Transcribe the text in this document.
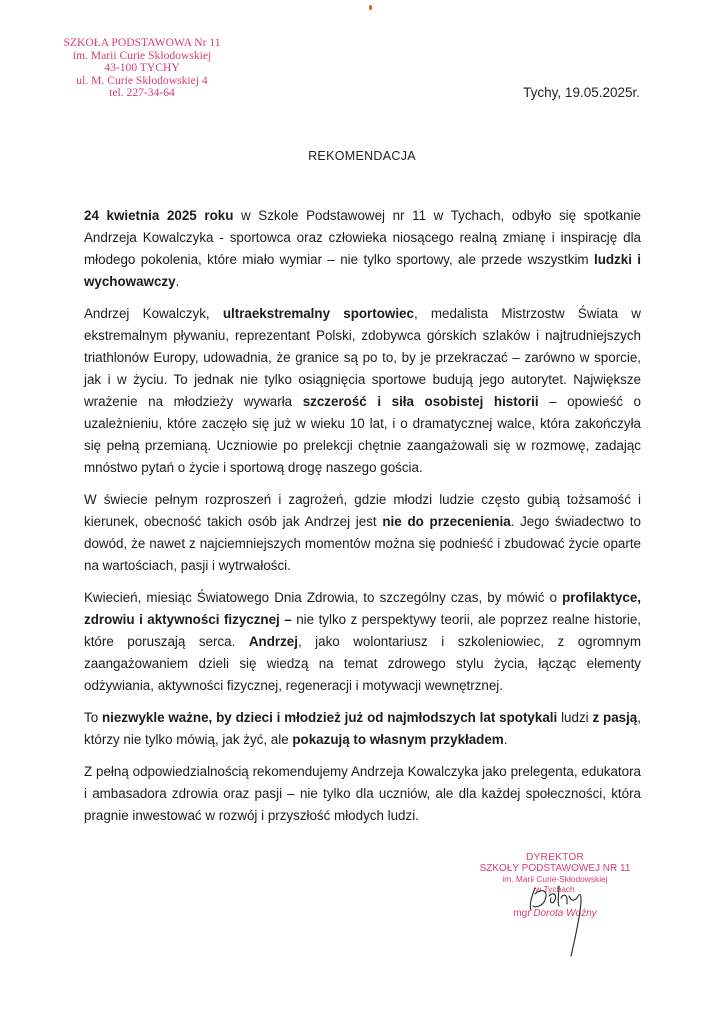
SZKOŁA PODSTAWOWA Nr 11
im. Marii Curie Skłodowskiej
43-100 TYCHY
ul. M. Curie Skłodowskiej 4
tel. 227-34-64	Tychy, 19.05.2025r.
REKOMENDACJA

24 kwietnia 2025 roku w Szkole Podstawowej nr 11 w Tychach, odbyło się spotkanie Andrzeja Kowalczyka - sportowca oraz człowieka niosącego realną zmianę i inspirację dla młodego pokolenia, które miało wymiar – nie tylko sportowy, ale przede wszystkim ludzki i wychowawczy.

Andrzej Kowalczyk, ultraekstremalny sportowiec, medalista Mistrzostw Świata w ekstremalnym pływaniu, reprezentant Polski, zdobywca górskich szlaków i najtrudniejszych triathlonów Europy, udowadnia, że granice są po to, by je przekraczać – zarówno w sporcie, jak i w życiu. To jednak nie tylko osiągnięcia sportowe budują jego autorytet. Największe wrażenie na młodzieży wywarła szczerość i siła osobistej historii – opowieść o uzależnieniu, które zaczęło się już w wieku 10 lat, i o dramatycznej walce, która zakończyła się pełną przemianą. Uczniowie po prelekcji chętnie zaangażowali się w rozmowę, zadając mnóstwo pytań o życie i sportową drogę naszego gościa.

W świecie pełnym rozproszeń i zagrożeń, gdzie młodzi ludzie często gubią tożsamość i kierunek, obecność takich osób jak Andrzej jest nie do przecenienia. Jego świadectwo to dowód, że nawet z najciemniejszych momentów można się podnieść i zbudować życie oparte na wartościach, pasji i wytrwałości.

Kwiecień, miesiąc Światowego Dnia Zdrowia, to szczególny czas, by mówić o profilaktyce, zdrowiu i aktywności fizycznej – nie tylko z perspektywy teorii, ale poprzez realne historie, które poruszają serca. Andrzej, jako wolontariusz i szkoleniowiec, z ogromnym zaangażowaniem dzieli się wiedzą na temat zdrowego stylu życia, łącząc elementy odżywiania, aktywności fizycznej, regeneracji i motywacji wewnętrznej.

To niezwykle ważne, by dzieci i młodzież już od najmłodszych lat spotykali ludzi z pasją, którzy nie tylko mówią, jak żyć, ale pokazują to własnym przykładem.

Z pełną odpowiedzialnością rekomendujemy Andrzeja Kowalczyka jako prelegenta, edukatora i ambasadora zdrowia oraz pasji – nie tylko dla uczniów, ale dla każdej społeczności, która pragnie inwestować w rozwój i przyszłość młodych ludzi.

DYREKTOR
SZKOŁY PODSTAWOWEJ NR 11
im. Marii Curie-Skłodowskiej
w Tychach
mgr Dorota Woźny
